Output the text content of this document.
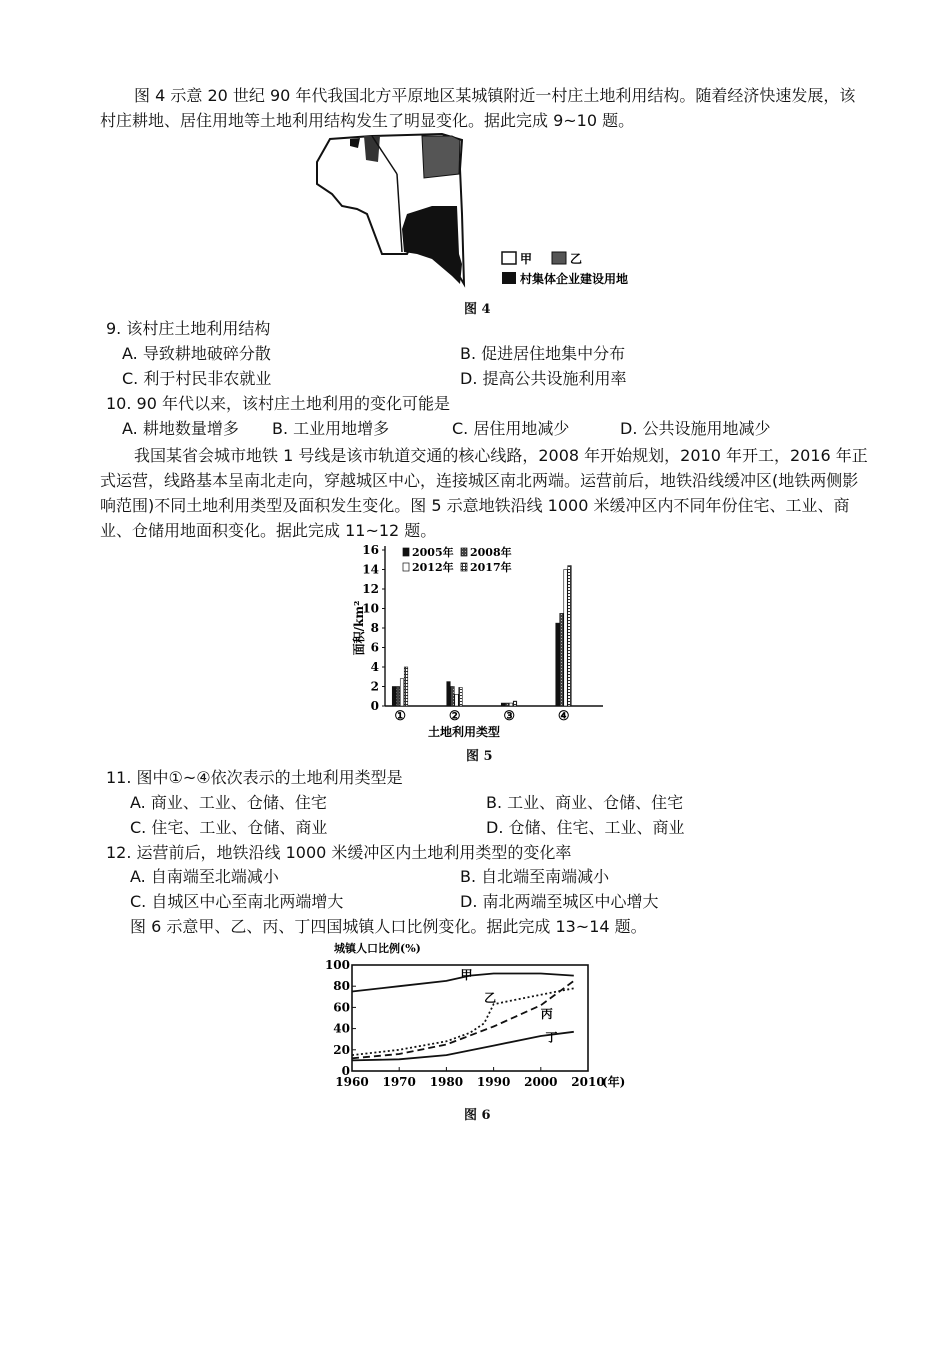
图 4 示意 20 世纪 90 年代我国北方平原地区某城镇附近一村庄土地利用结构。随着经济快速发展，该村庄耕地、居住用地等土地利用结构发生了明显变化。据此完成 9~10 题。

甲	乙
村集体企业建设用地
图 4
9. 该村庄土地利用结构
A. 导致耕地破碎分散	B. 促进居住地集中分布
C. 利于村民非农就业	D. 提高公共设施利用率
10. 90 年代以来，该村庄土地利用的变化可能是
A. 耕地数量增多 B. 工业用地增多	C. 居住用地减少	D. 公共设施用地减少

我国某省会城市地铁 1 号线是该市轨道交通的核心线路，2008 年开始规划，2010 年开工，2016 年正式运营，线路基本呈南北走向，穿越城区中心，连接城区南北两端。运营前后，地铁沿线缓冲区(地铁两侧影响范围)不同土地利用类型及面积发生变化。图 5 示意地铁沿线 1000 米缓冲区内不同年份住宅、工业、商业、仓储用地面积变化。据此完成 11~12 题。

0
2
4
6
8
10
12
14
16
面积/km²
①	②	③	④
土地利用类型
2005年 2008年
2012年 2017年
图 5
11. 图中①~④依次表示的土地利用类型是
A. 商业、工业、仓储、住宅	B. 工业、商业、仓储、住宅
C. 住宅、工业、仓储、商业	D. 仓储、住宅、工业、商业
12. 运营前后，地铁沿线 1000 米缓冲区内土地利用类型的变化率
A. 自南端至北端减小	B. 自北端至南端减小
C. 自城区中心至南北两端增大	D. 南北两端至城区中心增大
图 6 示意甲、乙、丙、丁四国城镇人口比例变化。据此完成 13~14 题。
城镇人口比例(%)
0
20
40
60
80
100
1960 1970 1980 1990 2000 2010
(年)
甲
乙
丙
丁
图 6
